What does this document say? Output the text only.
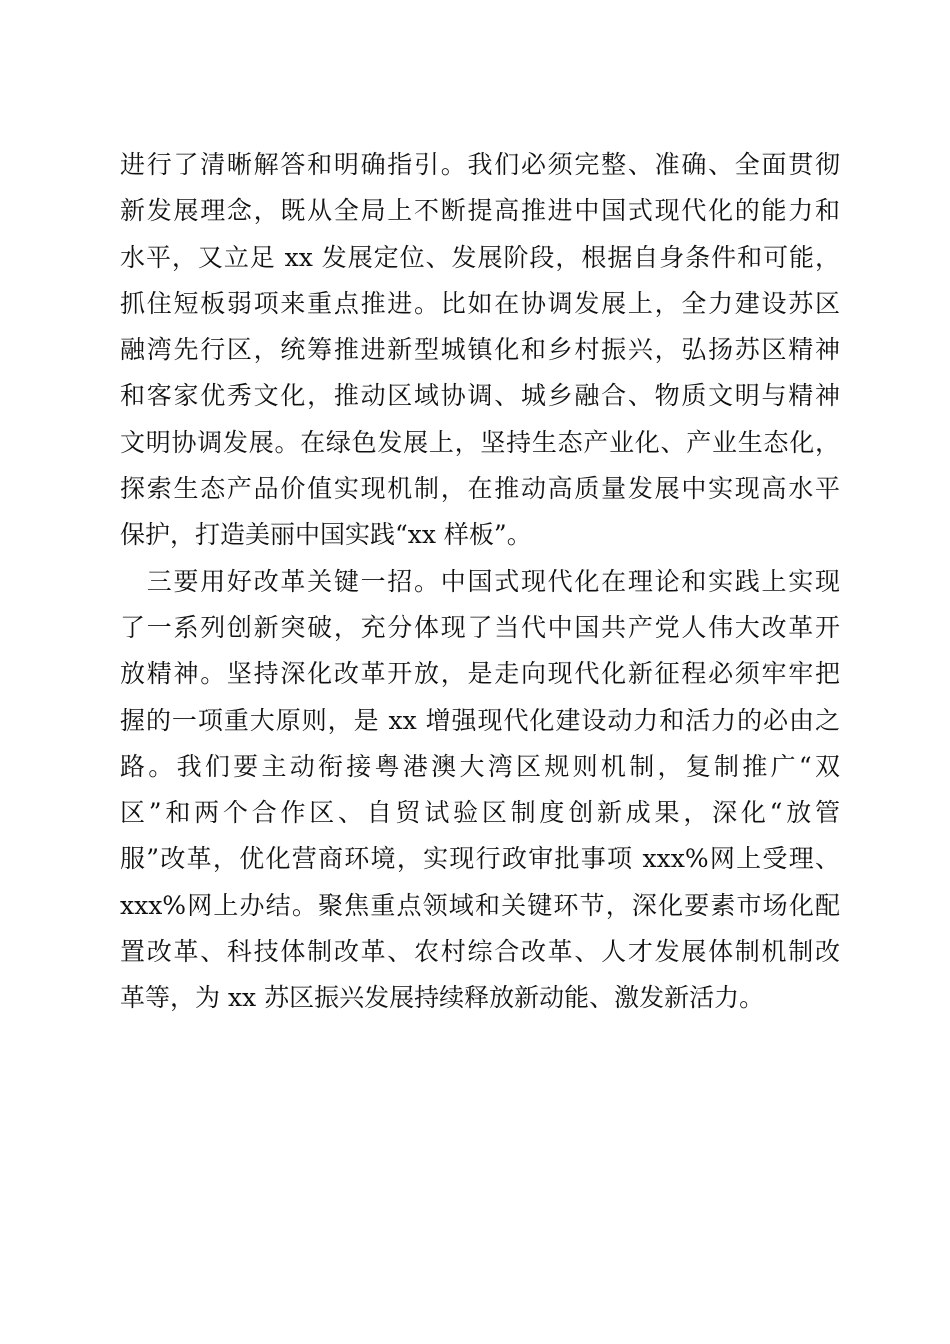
进行了清晰解答和明确指引。我们必须完整、准确、全面贯彻
新发展理念，既从全局上不断提高推进中国式现代化的能力和
水平，又立足 xx 发展定位、发展阶段，根据自身条件和可能，
抓住短板弱项来重点推进。比如在协调发展上，全力建设苏区
融湾先行区，统筹推进新型城镇化和乡村振兴，弘扬苏区精神
和客家优秀文化，推动区域协调、城乡融合、物质文明与精神
文明协调发展。在绿色发展上，坚持生态产业化、产业生态化，
探索生态产品价值实现机制，在推动高质量发展中实现高水平
保护，打造美丽中国实践“xx 样板”。
　三要用好改革关键一招。中国式现代化在理论和实践上实现
了一系列创新突破，充分体现了当代中国共产党人伟大改革开
放精神。坚持深化改革开放，是走向现代化新征程必须牢牢把
握的一项重大原则，是 xx 增强现代化建设动力和活力的必由之
路。我们要主动衔接粤港澳大湾区规则机制，复制推广“双
区”和两个合作区、自贸试验区制度创新成果，深化“放管
服”改革，优化营商环境，实现行政审批事项 xxx%网上受理、
xxx%网上办结。聚焦重点领域和关键环节，深化要素市场化配
置改革、科技体制改革、农村综合改革、人才发展体制机制改
革等，为 xx 苏区振兴发展持续释放新动能、激发新活力。
